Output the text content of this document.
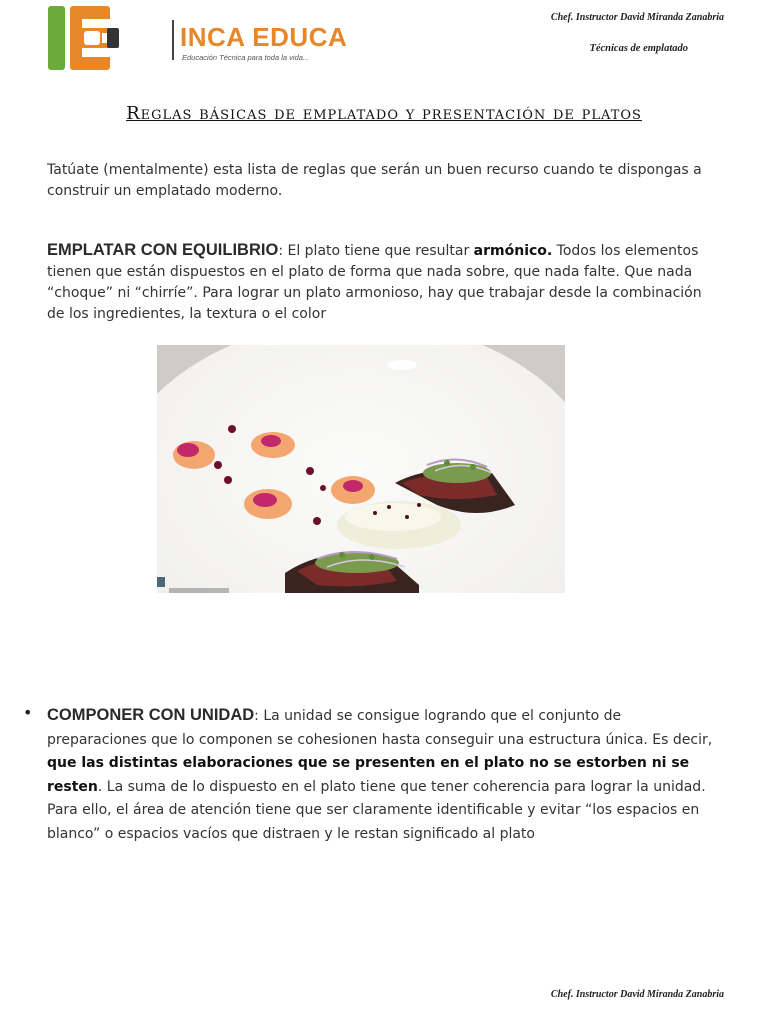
INCA EDUCA
Educación Técnica para toda la vida...
Chef. Instructor David Miranda Zanabria
Técnicas de emplatado
Reglas básicas de emplatado y presentación de platos

Tatúate (mentalmente) esta lista de reglas que serán un buen recurso cuando te dispongas a construir un emplatado moderno.

EMPLATAR CON EQUILIBRIO: El plato tiene que resultar armónico. Todos los elementos tienen que están dispuestos en el plato de forma que nada sobre, que nada falte. Que nada “choque” ni “chirríe”. Para lograr un plato armonioso, hay que trabajar desde la combinación de los ingredientes, la textura o el color

• COMPONER CON UNIDAD: La unidad se consigue logrando que el conjunto de preparaciones que lo componen se cohesionen hasta conseguir una estructura única. Es decir, que las distintas elaboraciones que se presenten en el plato no se estorben ni se resten. La suma de lo dispuesto en el plato tiene que tener coherencia para lograr la unidad. Para ello, el área de atención tiene que ser claramente identificable y evitar “los espacios en blanco” o espacios vacíos que distraen y le restan significado al plato

Chef. Instructor David Miranda Zanabria
